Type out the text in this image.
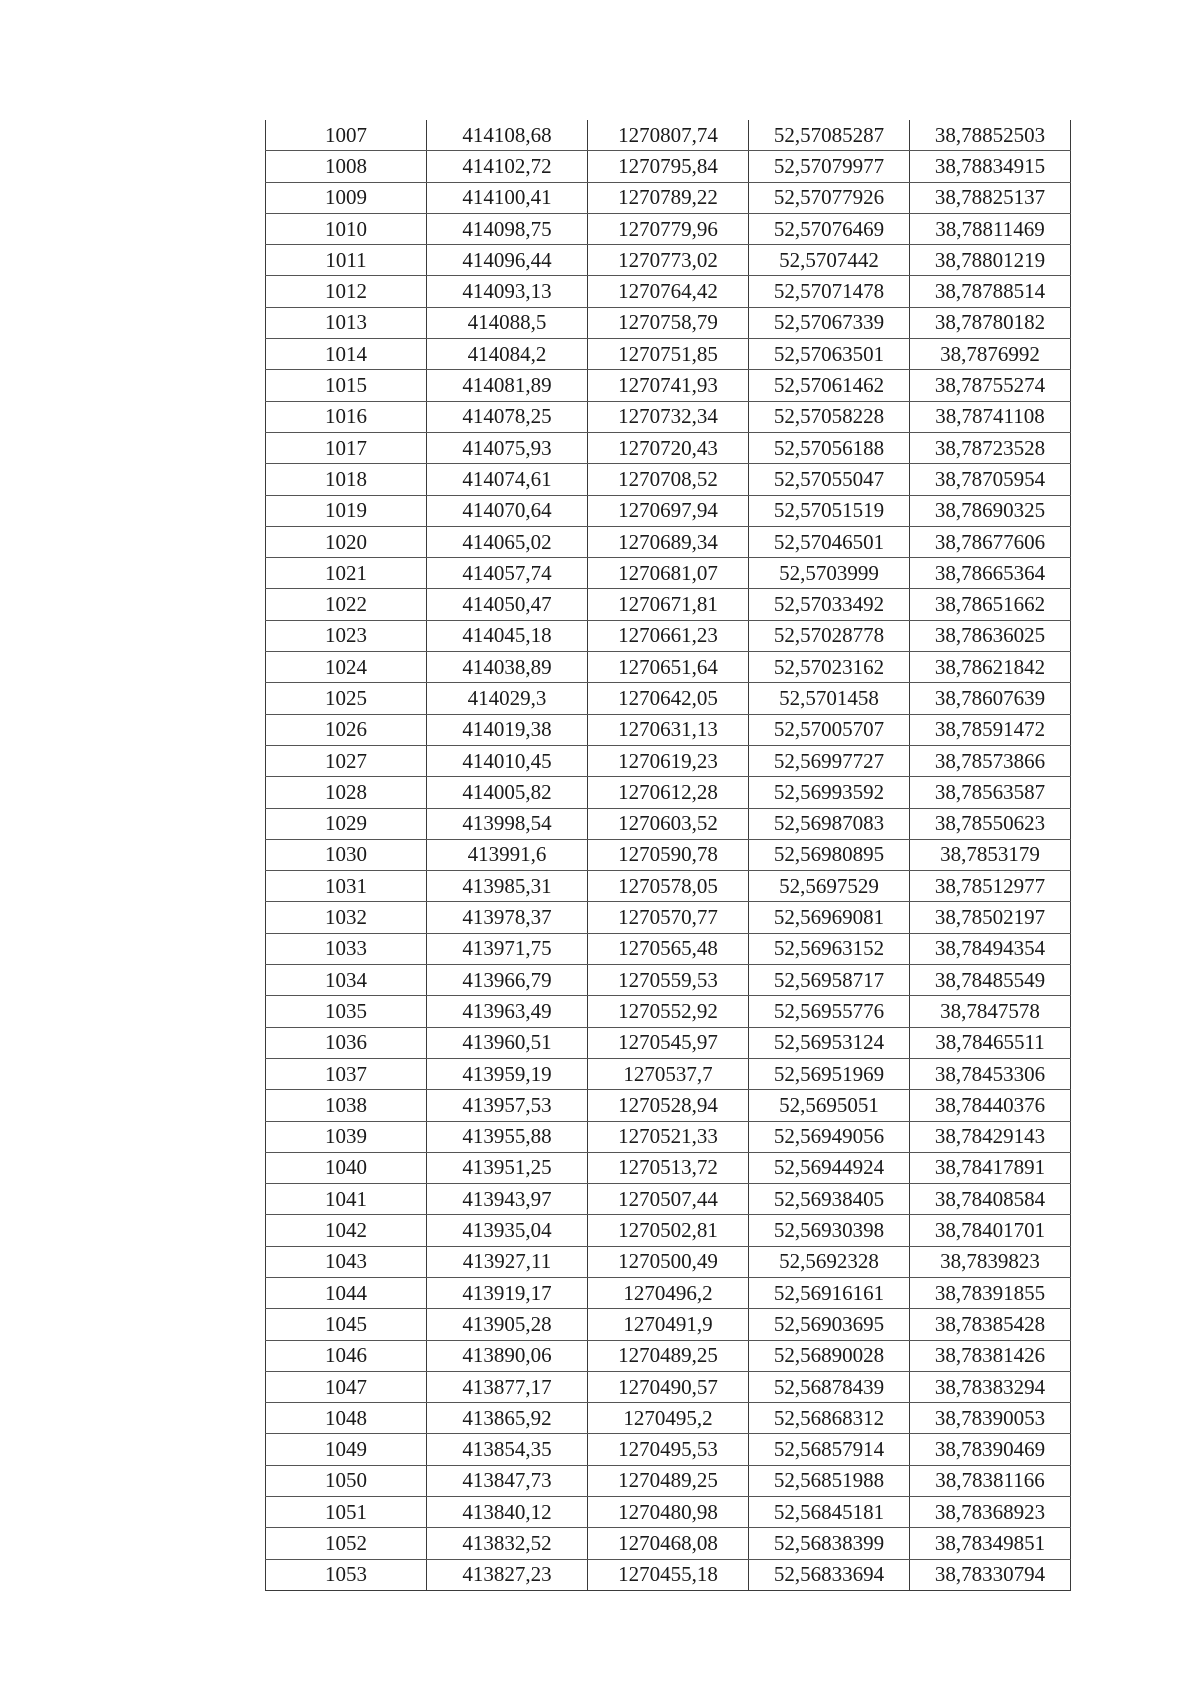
1007	414108,68	1270807,74	52,57085287	38,78852503
1008	414102,72	1270795,84	52,57079977	38,78834915
1009	414100,41	1270789,22	52,57077926	38,78825137
1010	414098,75	1270779,96	52,57076469	38,78811469
1011	414096,44	1270773,02	52,5707442	38,78801219
1012	414093,13	1270764,42	52,57071478	38,78788514
1013	414088,5	1270758,79	52,57067339	38,78780182
1014	414084,2	1270751,85	52,57063501	38,7876992
1015	414081,89	1270741,93	52,57061462	38,78755274
1016	414078,25	1270732,34	52,57058228	38,78741108
1017	414075,93	1270720,43	52,57056188	38,78723528
1018	414074,61	1270708,52	52,57055047	38,78705954
1019	414070,64	1270697,94	52,57051519	38,78690325
1020	414065,02	1270689,34	52,57046501	38,78677606
1021	414057,74	1270681,07	52,5703999	38,78665364
1022	414050,47	1270671,81	52,57033492	38,78651662
1023	414045,18	1270661,23	52,57028778	38,78636025
1024	414038,89	1270651,64	52,57023162	38,78621842
1025	414029,3	1270642,05	52,5701458	38,78607639
1026	414019,38	1270631,13	52,57005707	38,78591472
1027	414010,45	1270619,23	52,56997727	38,78573866
1028	414005,82	1270612,28	52,56993592	38,78563587
1029	413998,54	1270603,52	52,56987083	38,78550623
1030	413991,6	1270590,78	52,56980895	38,7853179
1031	413985,31	1270578,05	52,5697529	38,78512977
1032	413978,37	1270570,77	52,56969081	38,78502197
1033	413971,75	1270565,48	52,56963152	38,78494354
1034	413966,79	1270559,53	52,56958717	38,78485549
1035	413963,49	1270552,92	52,56955776	38,7847578
1036	413960,51	1270545,97	52,56953124	38,78465511
1037	413959,19	1270537,7	52,56951969	38,78453306
1038	413957,53	1270528,94	52,5695051	38,78440376
1039	413955,88	1270521,33	52,56949056	38,78429143
1040	413951,25	1270513,72	52,56944924	38,78417891
1041	413943,97	1270507,44	52,56938405	38,78408584
1042	413935,04	1270502,81	52,56930398	38,78401701
1043	413927,11	1270500,49	52,5692328	38,7839823
1044	413919,17	1270496,2	52,56916161	38,78391855
1045	413905,28	1270491,9	52,56903695	38,78385428
1046	413890,06	1270489,25	52,56890028	38,78381426
1047	413877,17	1270490,57	52,56878439	38,78383294
1048	413865,92	1270495,2	52,56868312	38,78390053
1049	413854,35	1270495,53	52,56857914	38,78390469
1050	413847,73	1270489,25	52,56851988	38,78381166
1051	413840,12	1270480,98	52,56845181	38,78368923
1052	413832,52	1270468,08	52,56838399	38,78349851
1053	413827,23	1270455,18	52,56833694	38,78330794
